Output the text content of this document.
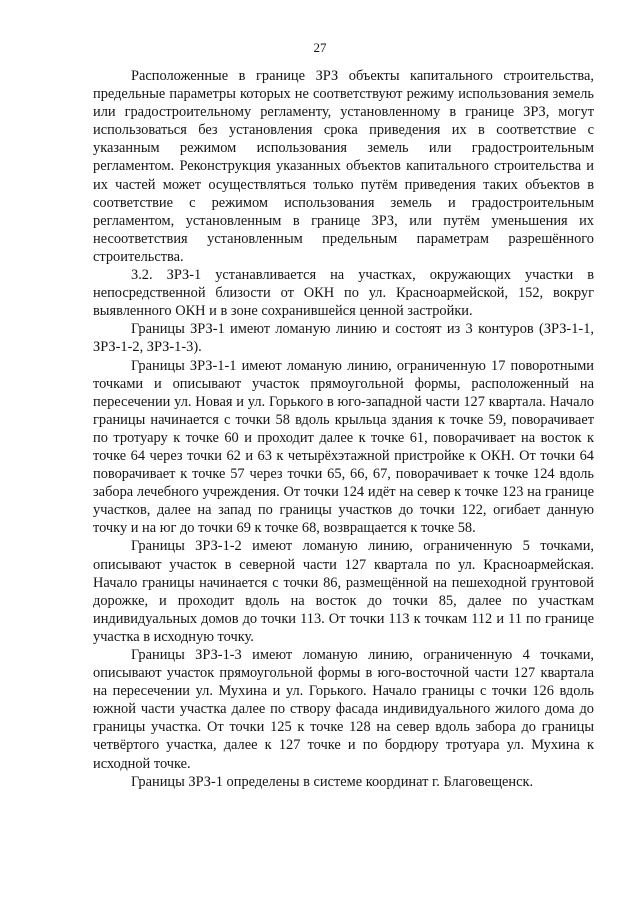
27

Расположенные в границе ЗРЗ объекты капитального строительства, предельные параметры которых не соответствуют режиму использования земель или градостроительному регламенту, установленному в границе ЗРЗ, могут использоваться без установления срока приведения их в соответствие с указанным режимом использования земель или градостроительным регламентом. Реконструкция указанных объектов капитального строительства и их частей может осуществляться только путём приведения таких объектов в соответствие с режимом использования земель и градостроительным регламентом, установленным в границе ЗРЗ, или путём уменьшения их несоответствия установленным предельным параметрам разрешённого строительства.

3.2. ЗРЗ-1 устанавливается на участках, окружающих участки в непосредственной близости от ОКН по ул. Красноармейской, 152, вокруг выявленного ОКН и в зоне сохранившейся ценной застройки.

Границы ЗРЗ-1 имеют ломаную линию и состоят из 3 контуров (ЗРЗ-1-1, ЗРЗ-1-2, ЗРЗ-1-3).

Границы ЗРЗ-1-1 имеют ломаную линию, ограниченную 17 поворотными точками и описывают участок прямоугольной формы, расположенный на пересечении ул. Новая и ул. Горького в юго-западной части 127 квартала. Начало границы начинается с точки 58 вдоль крыльца здания к точке 59, поворачивает по тротуару к точке 60 и проходит далее к точке 61, поворачивает на восток к точке 64 через точки 62 и 63 к четырёхэтажной пристройке к ОКН. От точки 64 поворачивает к точке 57 через точки 65, 66, 67, поворачивает к точке 124 вдоль забора лечебного учреждения. От точки 124 идёт на север к точке 123 на границе участков, далее на запад по границы участков до точки 122, огибает данную точку и на юг до точки 69 к точке 68, возвращается к точке 58.

Границы ЗРЗ-1-2 имеют ломаную линию, ограниченную 5 точками, описывают участок в северной части 127 квартала по ул. Красноармейская. Начало границы начинается с точки 86, размещённой на пешеходной грунтовой дорожке, и проходит вдоль на восток до точки 85, далее по участкам индивидуальных домов до точки 113. От точки 113 к точкам 112 и 11 по границе участка в исходную точку.

Границы ЗРЗ-1-3 имеют ломаную линию, ограниченную 4 точками, описывают участок прямоугольной формы в юго-восточной части 127 квартала на пересечении ул. Мухина и ул. Горького. Начало границы с точки 126 вдоль южной части участка далее по створу фасада индивидуального жилого дома до границы участка. От точки 125 к точке 128 на север вдоль забора до границы четвёртого участка, далее к 127 точке и по бордюру тротуара ул. Мухина к исходной точке.

Границы ЗРЗ-1 определены в системе координат г. Благовещенск.
